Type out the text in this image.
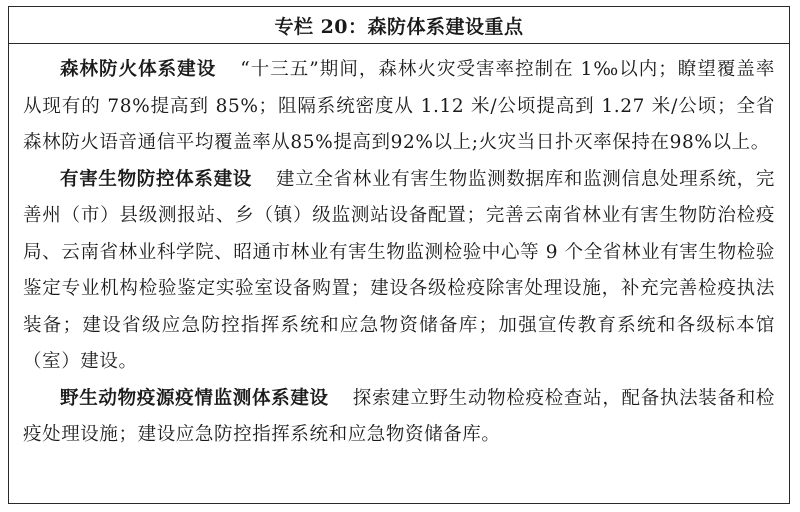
专栏 20：森防体系建设重点

森林防火体系建设 “十三五”期间，森林火灾受害率控制在 1‰以内；瞭望覆盖率从现有的 78%提高到 85%；阻隔系统密度从 1.12 米/公顷提高到 1.27 米/公顷；全省森林防火语音通信平均覆盖率从85%提高到92%以上;火灾当日扑灭率保持在98%以上。

有害生物防控体系建设 建立全省林业有害生物监测数据库和监测信息处理系统，完善州（市）县级测报站、乡（镇）级监测站设备配置；完善云南省林业有害生物防治检疫局、云南省林业科学院、昭通市林业有害生物监测检验中心等 9 个全省林业有害生物检验鉴定专业机构检验鉴定实验室设备购置；建设各级检疫除害处理设施，补充完善检疫执法装备；建设省级应急防控指挥系统和应急物资储备库；加强宣传教育系统和各级标本馆（室）建设。

野生动物疫源疫情监测体系建设 探索建立野生动物检疫检查站，配备执法装备和检疫处理设施；建设应急防控指挥系统和应急物资储备库。
